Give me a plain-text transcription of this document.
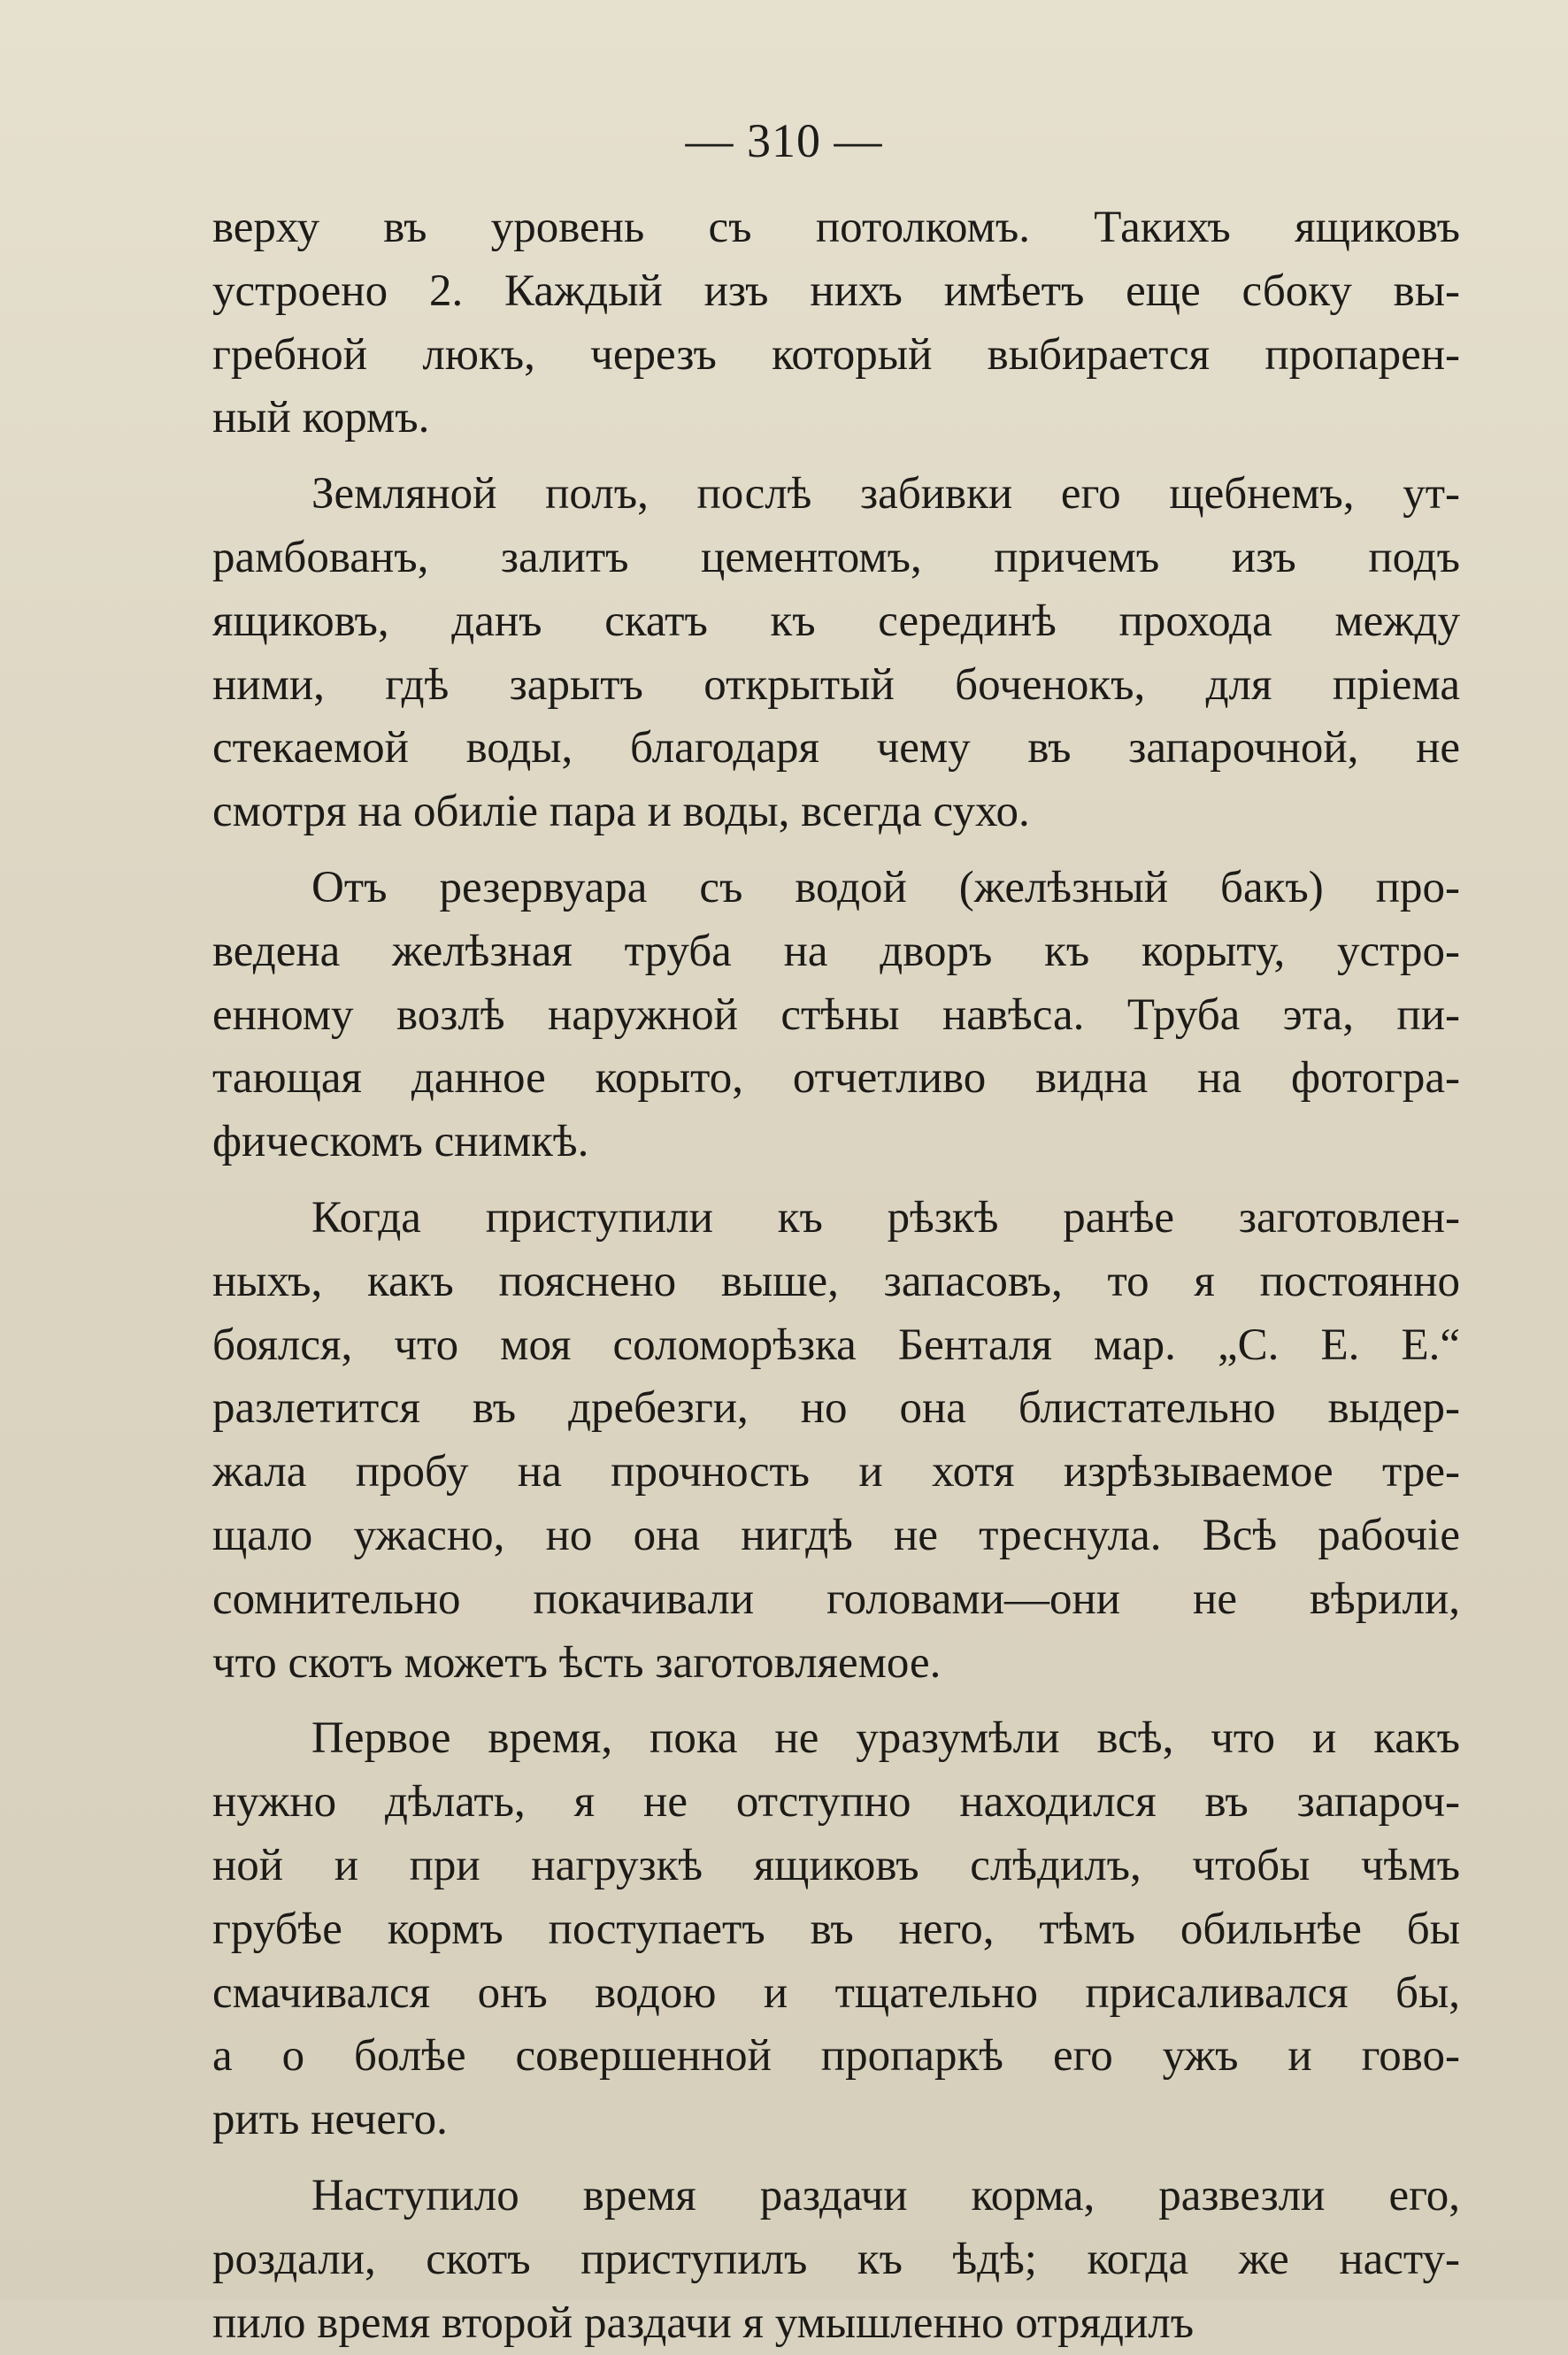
— 310 —

верху въ уровень съ потолкомъ. Такихъ ящиковъ
устроено 2. Каждый изъ нихъ имѣетъ еще сбоку вы-
гребной люкъ, черезъ который выбирается пропарен-
ный кормъ.

Земляной полъ, послѣ забивки его щебнемъ, ут-
рамбованъ, залитъ цементомъ, причемъ изъ подъ
ящиковъ, данъ скатъ къ серединѣ прохода между
ними, гдѣ зарытъ открытый боченокъ, для пріема
стекаемой воды, благодаря чему въ запарочной, не
смотря на обиліе пара и воды, всегда сухо.

Отъ резервуара съ водой (желѣзный бакъ) про-
ведена желѣзная труба на дворъ къ корыту, устро-
енному возлѣ наружной стѣны навѣса. Труба эта, пи-
тающая данное корыто, отчетливо видна на фотогра-
фическомъ снимкѣ.

Когда приступили къ рѣзкѣ ранѣе заготовлен-
ныхъ, какъ пояснено выше, запасовъ, то я постоянно
боялся, что моя соломорѣзка Бенталя мар. „С. Е. Е.“
разлетится въ дребезги, но она блистательно выдер-
жала пробу на прочность и хотя изрѣзываемое тре-
щало ужасно, но она нигдѣ не треснула. Всѣ рабочіе
сомнительно покачивали головами—они не вѣрили,
что скотъ можетъ ѣсть заготовляемое.

Первое время, пока не уразумѣли всѣ, что и какъ
нужно дѣлать, я не отступно находился въ запароч-
ной и при нагрузкѣ ящиковъ слѣдилъ, чтобы чѣмъ
грубѣе кормъ поступаетъ въ него, тѣмъ обильнѣе бы
смачивался онъ водою и тщательно присаливался бы,
а о болѣе совершенной пропаркѣ его ужъ и гово-
рить нечего.

Наступило время раздачи корма, развезли его,
роздали, скотъ приступилъ къ ѣдѣ; когда же насту-
пило время второй раздачи я умышленно отрядилъ
